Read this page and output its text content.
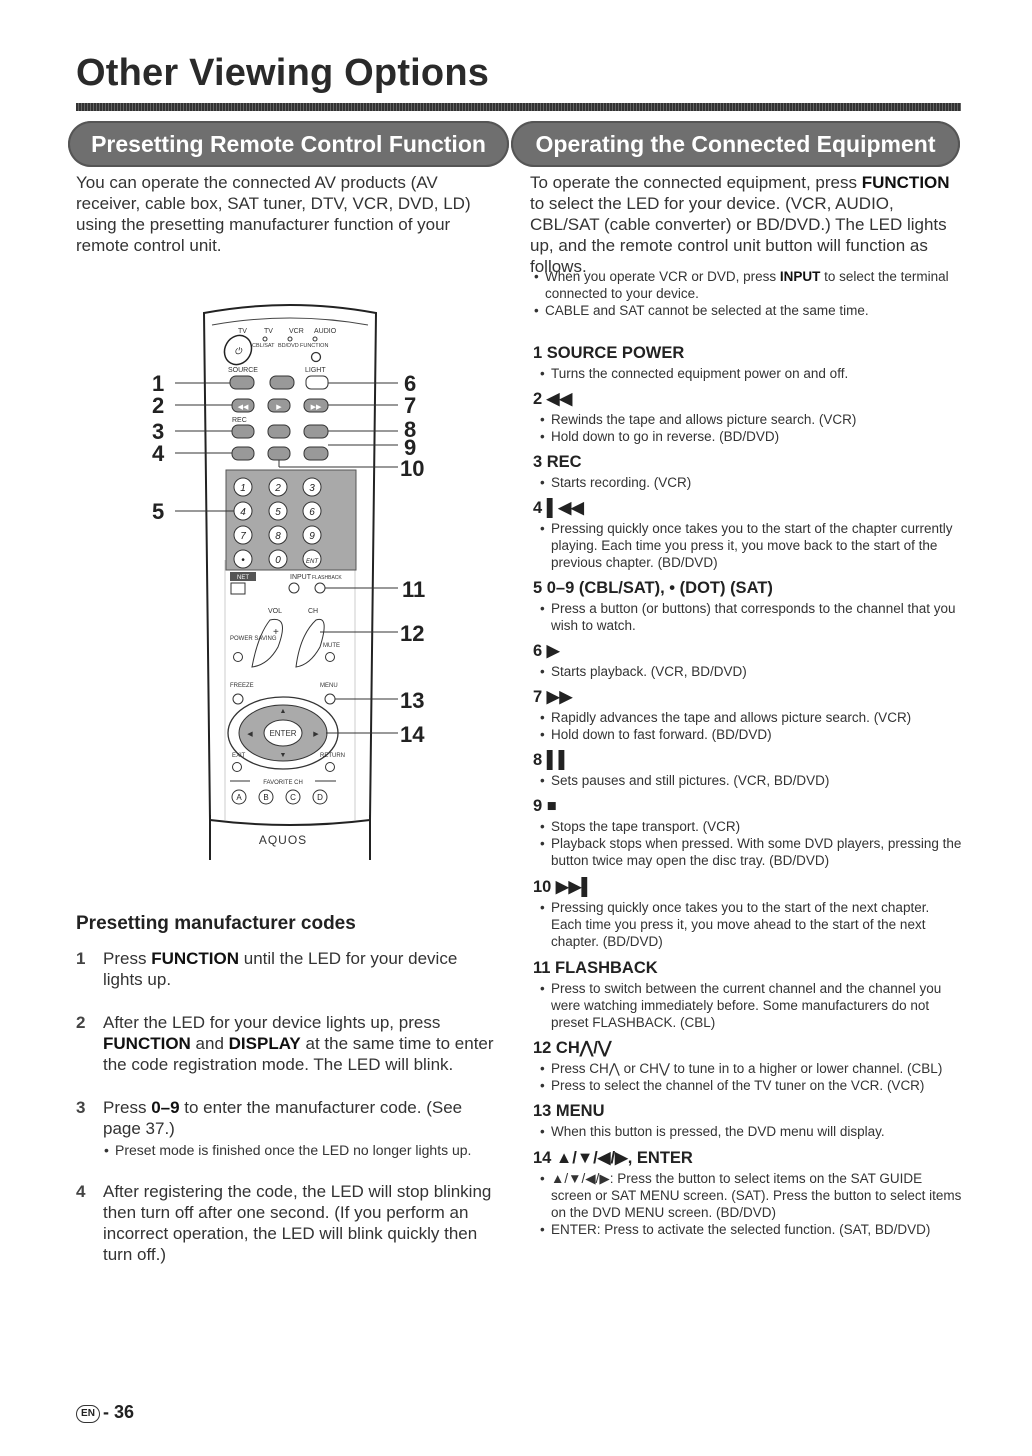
Other Viewing Options
Presetting Remote Control Function	Operating the Connected Equipment
You can operate the connected AV products (AV receiver, cable box, SAT tuner, DTV, VCR, DVD, LD) using the presetting manufacturer function of your remote control unit.
To operate the connected equipment, press FUNCTION to select the LED for your device. (VCR, AUDIO, CBL/SAT (cable converter) or BD/DVD.) The LED lights up, and the remote control unit button will function as follows.
• When you operate VCR or DVD, press INPUT to select the terminal connected to your device.
• CABLE and SAT cannot be selected at the same time.
⏻
TV TV VCR AUDIO
CBL/SAT BD/DVD FUNCTION
SOURCE	LIGHT
◀◀	▶	▶▶
REC
1	2	3
4	5	6
7	8	9
•	0	ENT
NET	INPUT FLASHBACK
VOL	CH
+
POWER SAVING
MUTE
FREEZE	MENU
ENTER
▲
▼
◀	▶
EXIT	RETURN
FAVORITE CH
A	B	C	D
AQUOS
1
2
3
4
5
6
7
8
9
10
11
12
13
14
Presetting manufacturer codes
1 Press FUNCTION until the LED for your device lights up.
2 After the LED for your device lights up, press FUNCTION and DISPLAY at the same time to enter the code registration mode. The LED will blink.
3 Press 0–9 to enter the manufacturer code. (See page 37.)
• Preset mode is finished once the LED no longer lights up.
4 After registering the code, the LED will stop blinking then turn off after one second. (If you perform an incorrect operation, the LED will blink quickly then turn off.)
1 SOURCE POWER
• Turns the connected equipment power on and off.
2 ◀◀
• Rewinds the tape and allows picture search. (VCR)
• Hold down to go in reverse. (BD/DVD)
3 REC
• Starts recording. (VCR)
4 ▌◀◀
• Pressing quickly once takes you to the start of the chapter currently playing. Each time you press it, you move back to the start of the previous chapter. (BD/DVD)
5 0–9 (CBL/SAT), • (DOT) (SAT)
• Press a button (or buttons) that corresponds to the channel that you wish to watch.
6 ▶
• Starts playback. (VCR, BD/DVD)
7 ▶▶
• Rapidly advances the tape and allows picture search. (VCR)
• Hold down to fast forward. (BD/DVD)
8 ▌▌
• Sets pauses and still pictures. (VCR, BD/DVD)
9 ■
• Stops the tape transport. (VCR)
• Playback stops when pressed. With some DVD players, pressing the button twice may open the disc tray. (BD/DVD)
10 ▶▶▌
• Pressing quickly once takes you to the start of the next chapter. Each time you press it, you move ahead to the start of the next chapter. (BD/DVD)
11 FLASHBACK
• Press to switch between the current channel and the channel you were watching immediately before. Some manufacturers do not preset FLASHBACK. (CBL)
12 CH⋀/⋁
• Press CH⋀ or CH⋁ to tune in to a higher or lower channel. (CBL)
• Press to select the channel of the TV tuner on the VCR. (VCR)
13 MENU
• When this button is pressed, the DVD menu will display.
14 ▲/▼/◀/▶, ENTER
• ▲/▼/◀/▶: Press the button to select items on the SAT GUIDE screen or SAT MENU screen. (SAT). Press the button to select items on the DVD MENU screen. (BD/DVD)
• ENTER: Press to activate the selected function. (SAT, BD/DVD)
EN - 36
